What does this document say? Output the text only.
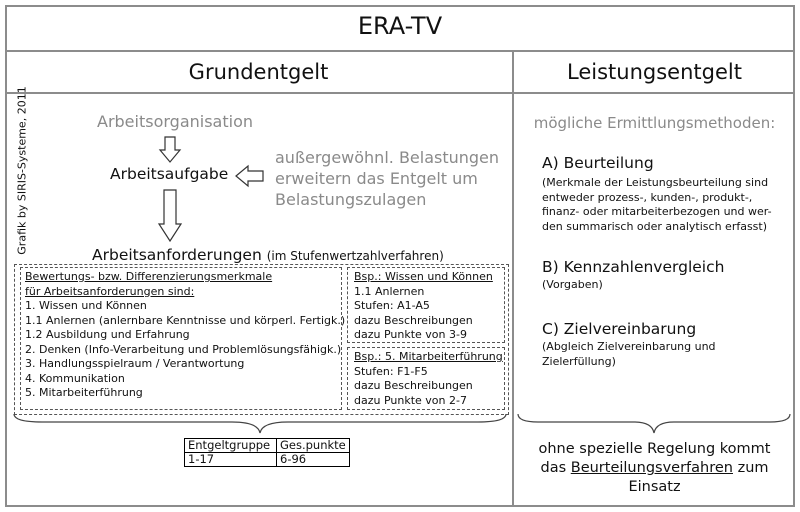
ERA-TV
Grundentgelt	Leistungsentgelt
Grafik by SIRIS-Systeme, 2011	Arbeitsorganisation
Arbeitsaufgabe
außergewöhnl. Belastungen
erweitern das Entgelt um
Belastungszulagen
Arbeitsanforderungen (im Stufenwertzahlverfahren)
Bewertungs- bzw. Differenzierungsmerkmale
für Arbeitsanforderungen sind:
1. Wissen und Können
1.1 Anlernen (anlernbare Kenntnisse und körperl. Fertigk.)
1.2 Ausbildung und Erfahrung
2. Denken (Info-Verarbeitung und Problemlösungsfähigk.)
3. Handlungsspielraum / Verantwortung
4. Kommunikation
5. Mitarbeiterführung
Bsp.: Wissen und Können
1.1 Anlernen
Stufen: A1-A5
dazu Beschreibungen
dazu Punkte von 3-9
Bsp.: 5. Mitarbeiterführung
Stufen: F1-F5
dazu Beschreibungen
dazu Punkte von 2-7
Entgeltgruppe	Ges.punkte
1-17	6-96
mögliche Ermittlungsmethoden:
A) Beurteilung
(Merkmale der Leistungsbeurteilung sind
entweder prozess-, kunden-, produkt-,
finanz- oder mitarbeiterbezogen und wer-
den summarisch oder analytisch erfasst)
B) Kennzahlenvergleich
(Vorgaben)
C) Zielvereinbarung
(Abgleich Zielvereinbarung und
Zielerfüllung)
ohne spezielle Regelung kommt
das Beurteilungsverfahren zum
Einsatz
